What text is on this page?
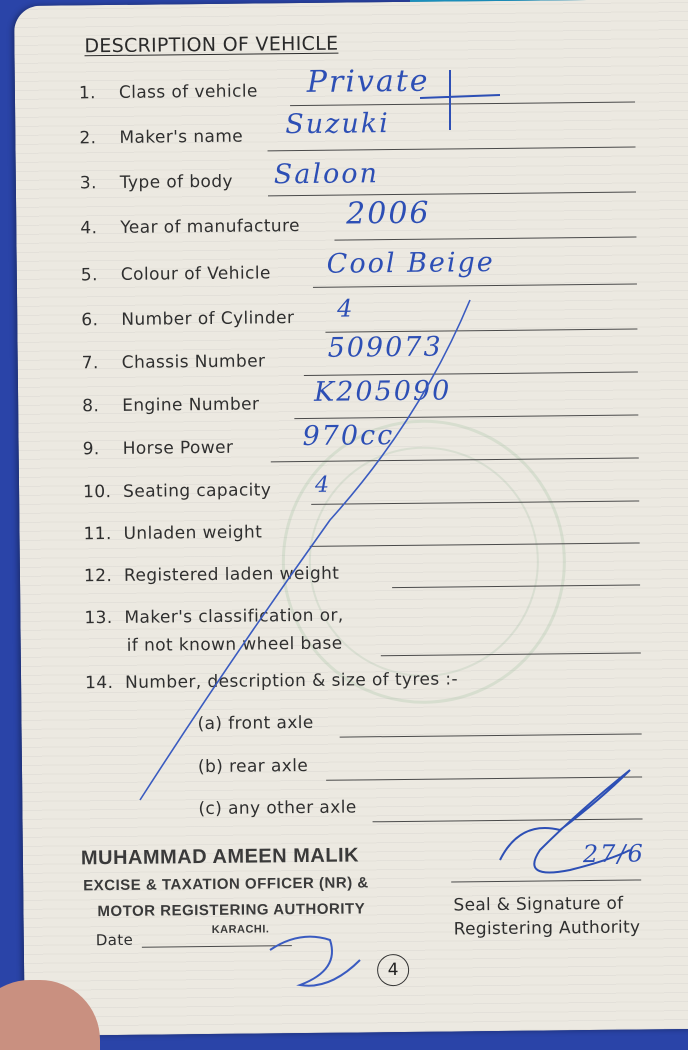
DESCRIPTION OF VEHICLE
1. Class of vehicle Private
2. Maker's name Suzuki
3. Type of body Saloon
4. Year of manufacture 2006
5. Colour of Vehicle Cool Beige
6. Number of Cylinder 4
7. Chassis Number 509073
8. Engine Number K205090
9. Horse Power	970cc
10. Seating capacity 4
11. Unladen weight
12. Registered laden weight
13. Maker's classification or,
if not known wheel base
14. Number, description & size of tyres :-
(a) front axle
(b) rear axle
(c) any other axle
MUHAMMAD AMEEN MALIK
EXCISE & TAXATION OFFICER (NR) &
MOTOR REGISTERING AUTHORITY
KARACHI.
Date
Seal & Signature of
Registering Authority
27/6
4
